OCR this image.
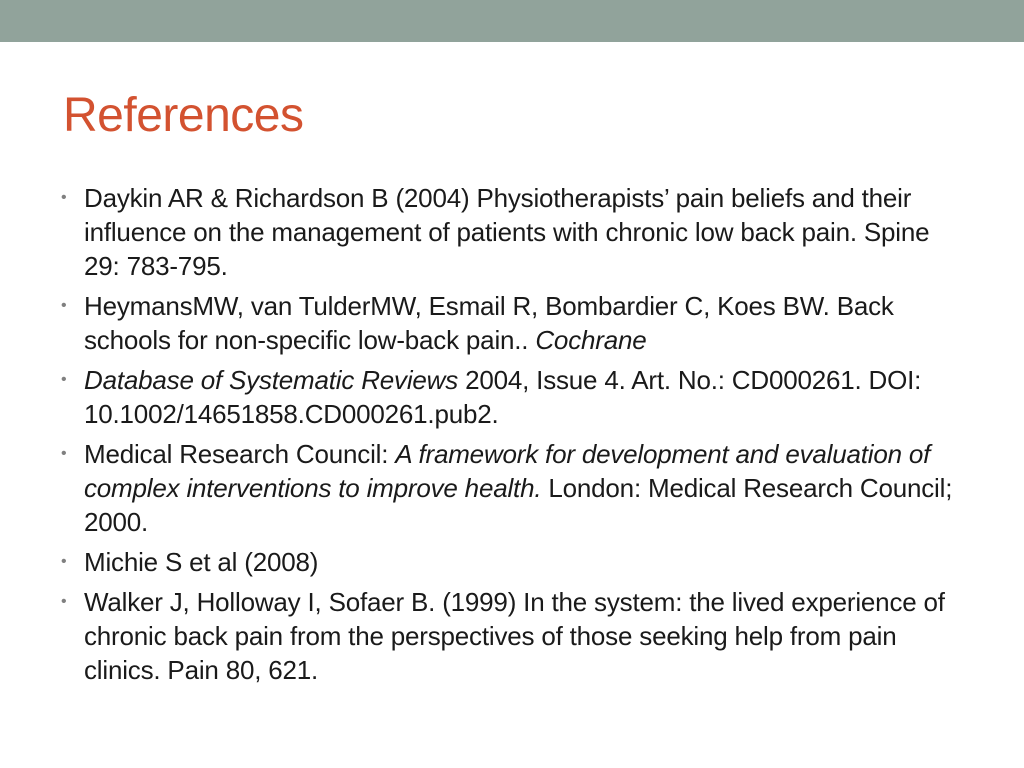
References
• Daykin AR & Richardson B (2004) Physiotherapists’ pain beliefs and their influence on the management of patients with chronic low back pain. Spine 29: 783-795.
• HeymansMW, van TulderMW, Esmail R, Bombardier C, Koes BW. Back schools for non-specific low-back pain.. Cochrane
• Database of Systematic Reviews 2004, Issue 4. Art. No.: CD000261. DOI: 10.1002/14651858.CD000261.pub2.
• Medical Research Council: A framework for development and evaluation of complex interventions to improve health. London: Medical Research Council; 2000.
• Michie S et al (2008)
• Walker J, Holloway I, Sofaer B. (1999) In the system: the lived experience of chronic back pain from the perspectives of those seeking help from pain clinics. Pain 80, 621.
